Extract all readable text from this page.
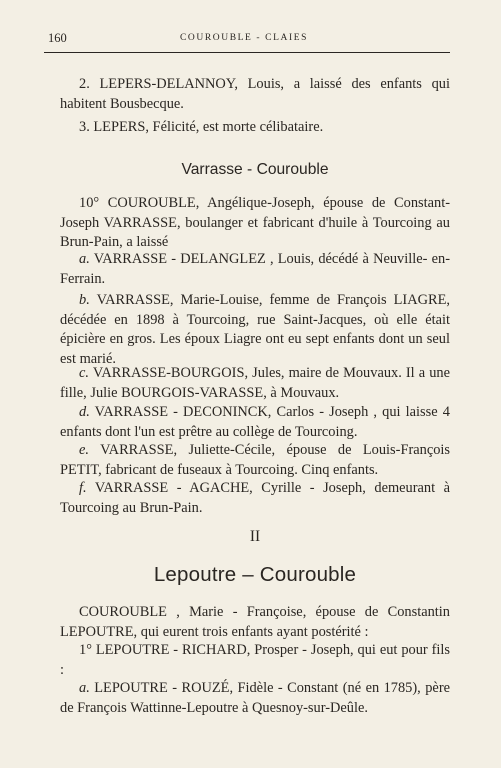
160	COUROUBLE - CLAIES

2. LEPERS-DELANNOY, Louis, a laissé des enfants qui habitent Bousbecque.

3. LEPERS, Félicité, est morte célibataire.

Varrasse - Courouble

10° COUROUBLE, Angélique-Joseph, épouse de Constant- Joseph VARRASSE, boulanger et fabricant d'huile à Tourcoing au Brun-Pain, a laissé

a. VARRASSE - DELANGLEZ , Louis, décédé à Neuville- en-Ferrain.

b. VARRASSE, Marie-Louise, femme de François LIAGRE, décédée en 1898 à Tourcoing, rue Saint-Jacques, où elle était épicière en gros. Les époux Liagre ont eu sept enfants dont un seul est marié.

c. VARRASSE-BOURGOIS, Jules, maire de Mouvaux. Il a une fille, Julie BOURGOIS-VARASSE, à Mouvaux.

d. VARRASSE - DECONINCK, Carlos - Joseph , qui laisse 4 enfants dont l'un est prêtre au collège de Tourcoing.

e. VARRASSE, Juliette-Cécile, épouse de Louis-François PETIT, fabricant de fuseaux à Tourcoing. Cinq enfants.

f. VARRASSE - AGACHE, Cyrille - Joseph, demeurant à Tourcoing au Brun-Pain.

II

Lepoutre – Courouble

COUROUBLE , Marie - Françoise, épouse de Constantin LEPOUTRE, qui eurent trois enfants ayant postérité :

1° LEPOUTRE - RICHARD, Prosper - Joseph, qui eut pour fils :

a. LEPOUTRE - ROUZÉ, Fidèle - Constant (né en 1785), père de François Wattinne-Lepoutre à Quesnoy-sur-Deûle.
